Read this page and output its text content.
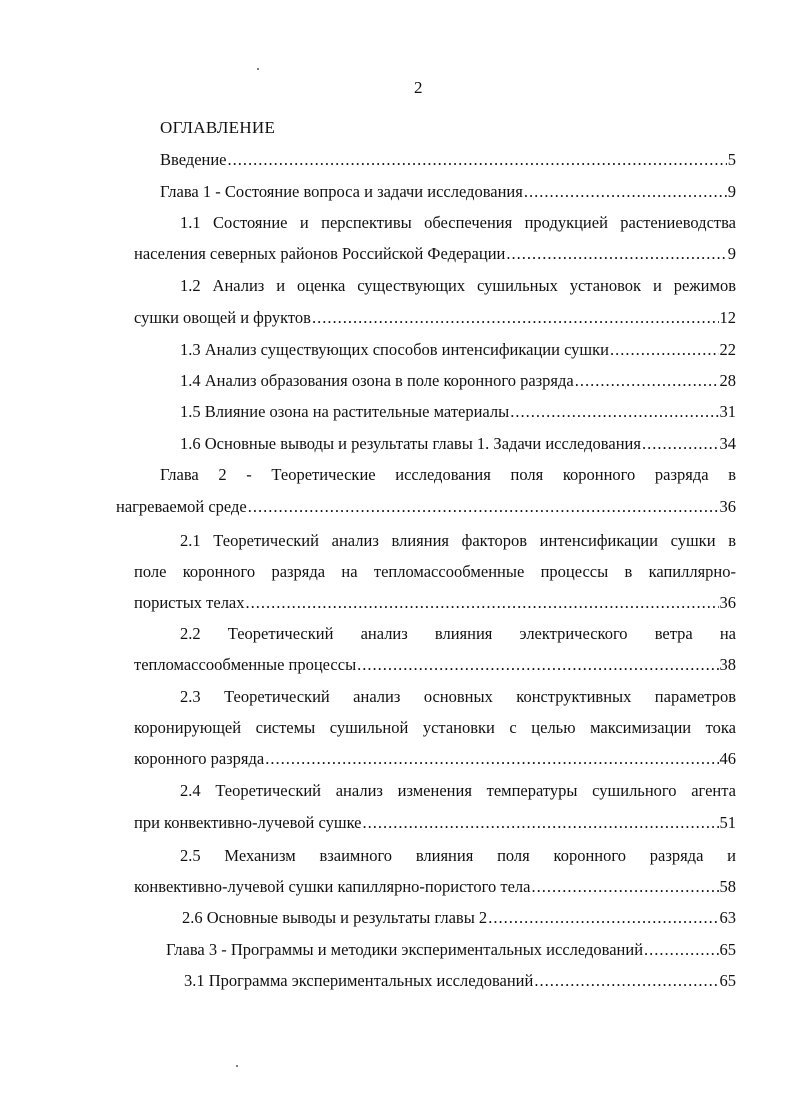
2
ОГЛАВЛЕНИЕ
Введение .....	5
Глава 1 - Состояние вопроса и задачи исследования .....	9
1.1 Состояние и перспективы обеспечения продукцией растениеводства
населения северных районов Российской Федерации .....	9
1.2 Анализ и оценка существующих сушильных установок и режимов
сушки овощей и фруктов .....	12
1.3 Анализ существующих способов интенсификации сушки .....	22
1.4 Анализ образования озона в поле коронного разряда .....	28
1.5 Влияние озона на растительные материалы .....	31
1.6 Основные выводы и результаты главы 1. Задачи исследования .....	34
Глава 2 - Теоретические исследования поля коронного разряда в
нагреваемой среде .....	36
2.1 Теоретический анализ влияния факторов интенсификации сушки в
поле коронного разряда на тепломассообменные процессы в капиллярно-
пористых телах .....	36
2.2 Теоретический анализ влияния электрического ветра на
тепломассообменные процессы .....	38
2.3 Теоретический анализ основных конструктивных параметров
коронирующей системы сушильной установки с целью максимизации тока
коронного разряда .....	46
2.4 Теоретический анализ изменения температуры сушильного агента
при конвективно-лучевой сушке .....	51
2.5 Механизм взаимного влияния поля коронного разряда и
конвективно-лучевой сушки капиллярно-пористого тела .....	58
2.6 Основные выводы и результаты главы 2 .....	63
Глава 3 - Программы и методики экспериментальных исследований .....	65
3.1 Программа экспериментальных исследований .....	65
